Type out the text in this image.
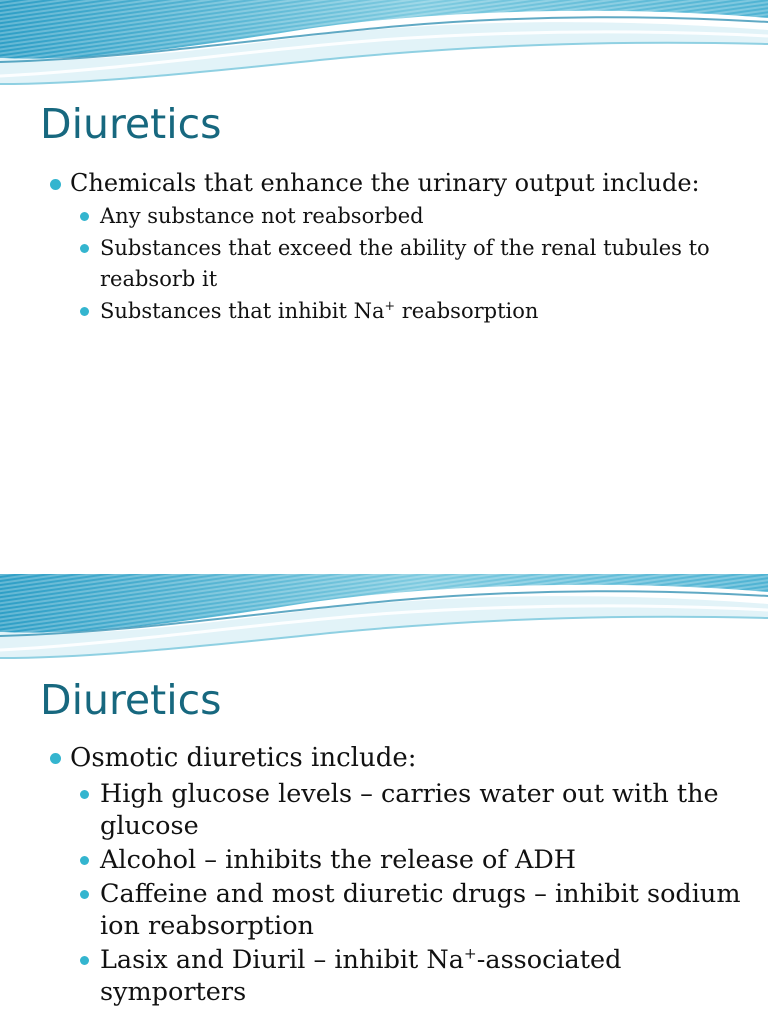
Diuretics
Chemicals that enhance the urinary output include:
Any substance not reabsorbed
Substances that exceed the ability of the renal tubules to reabsorb it
Substances that inhibit Na+ reabsorption
Diuretics
Osmotic diuretics include:
High glucose levels – carries water out with the glucose
Alcohol – inhibits the release of ADH
Caffeine and most diuretic drugs – inhibit sodium ion reabsorption
Lasix and Diuril – inhibit Na+-associated symporters
